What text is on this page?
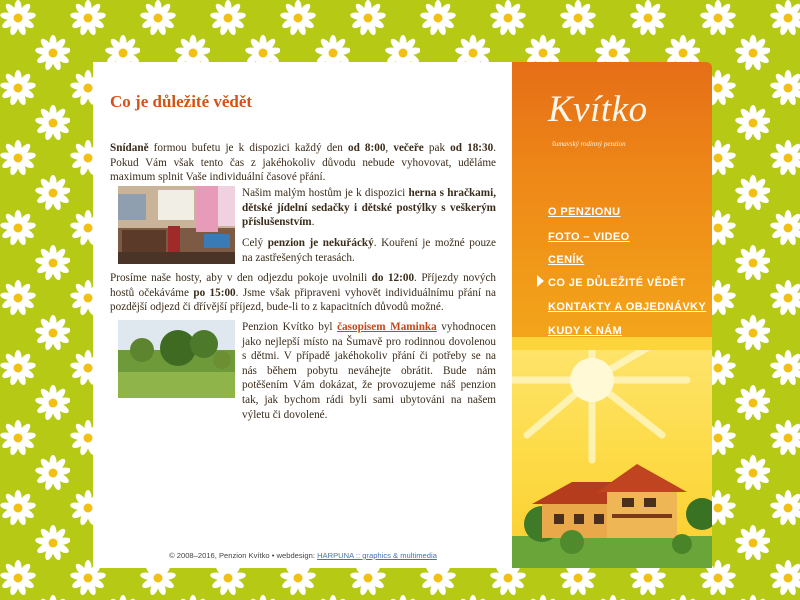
Co je důležité vědět
Snídaně formou bufetu je k dispozici každý den od 8:00, večeře pak od 18:30. Pokud Vám však tento čas z jakéhokoliv důvodu nebude vyhovovat, uděláme maximum splnit Vaše individuální časové přání.
Našim malým hostům je k dispozici herna s hračkami, dětské jídelní sedačky i dětské postýlky s veškerým příslušenstvím.
Celý penzion je nekuřácký. Kouření je možné pouze na zastřešených terasách.
Prosíme naše hosty, aby v den odjezdu pokoje uvolnili do 12:00. Příjezdy nových hostů očekáváme po 15:00. Jsme však připraveni vyhovět individuálnímu přání na pozdější odjezd či dřívější příjezd, bude-li to z kapacitních důvodů možné.
Penzion Kvítko byl časopisem Maminka vyhodnocen jako nejlepší místo na Šumavě pro rodinnou dovolenou s dětmi. V případě jakéhokoliv přání či potřeby se na nás během pobytu neváhejte obrátit. Bude nám potěšením Vám dokázat, že provozujeme náš penzion tak, jak bychom rádi byli sami ubytováni na našem výletu či dovolené.
© 2008–2016, Penzion Kvítko • webdesign: HARPUNA :: graphics & multimedia
Kvítko
šumavský rodinný penzion
O PENZIONU
FOTO – VIDEO
CENÍK
CO JE DŮLEŽITÉ VĚDĚT
KONTAKTY A OBJEDNÁVKY
KUDY K NÁM
